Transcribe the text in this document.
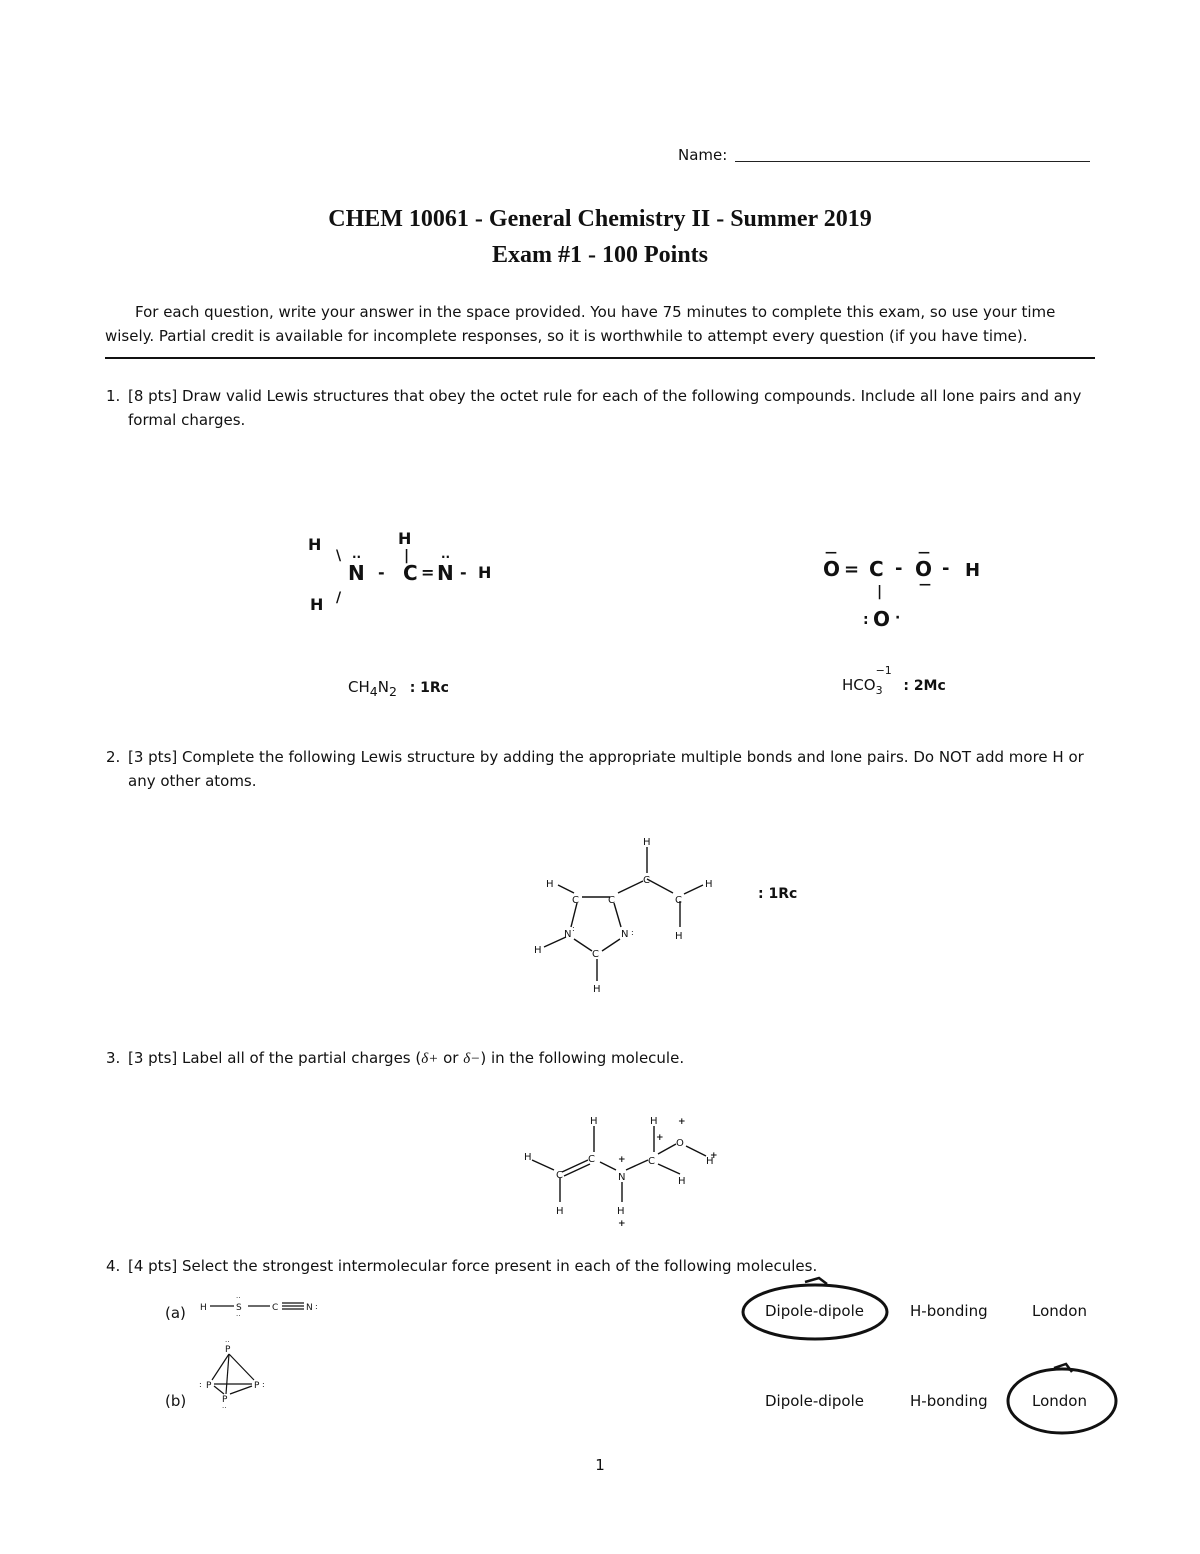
Name:
CHEM 10061 - General Chemistry II - Summer 2019
Exam #1 - 100 Points
For each question, write your answer in the space provided. You have 75 minutes to complete this exam, so use your time wisely. Partial credit is available for incomplete responses, so it is worthwhile to attempt every question (if you have time).
1. [8 pts] Draw valid Lewis structures that obey the octet rule for each of the following compounds. Include all lone pairs and any formal charges.
H
\
N
··
-
H
|
C = N
··
- H
H /
O
—
= C - O
—
—
- H
|
O
: ·
$CH_4N_2$ : 1Rc	HCO
−1
$_3$ : 2Mc
2. [3 pts] Complete the following Lewis structure by adding the appropriate multiple bonds and lone pairs. Do NOT add more H or any other atoms.
H
C
C
H
H
H
C	C
N	N
:	:
H	C
H
: 1Rc
3. [3 pts] Label all of the partial charges (δ+ or δ−) in the following molecule.
H
C
H
C
N
H	H
H
C
O
H
H
+
+
+
+
+
4. [4 pts] Select the strongest intermolecular force present in each of the following molecules.
(a) H	S
··
··
C	N :	Dipole-dipole	H-bonding	London
(b)
P
··
P
:	P :
P
··	Dipole-dipole	H-bonding	London
1
